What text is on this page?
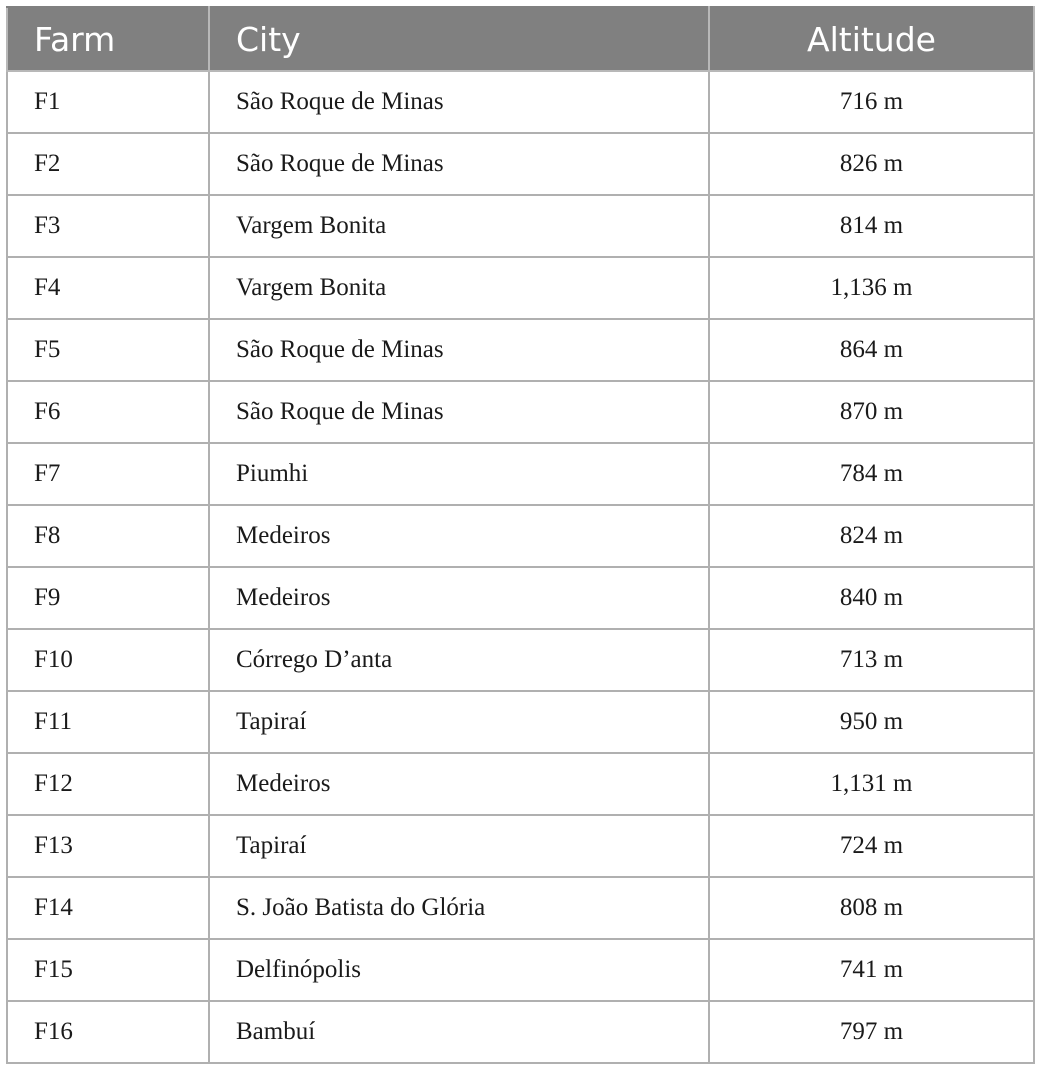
Farm	City	Altitude
F1	São Roque de Minas	716 m
F2	São Roque de Minas	826 m
F3	Vargem Bonita	814 m
F4	Vargem Bonita	1,136 m
F5	São Roque de Minas	864 m
F6	São Roque de Minas	870 m
F7	Piumhi	784 m
F8	Medeiros	824 m
F9	Medeiros	840 m
F10	Córrego D’anta	713 m
F11	Tapiraí	950 m
F12	Medeiros	1,131 m
F13	Tapiraí	724 m
F14	S. João Batista do Glória	808 m
F15	Delfinópolis	741 m
F16	Bambuí	797 m
